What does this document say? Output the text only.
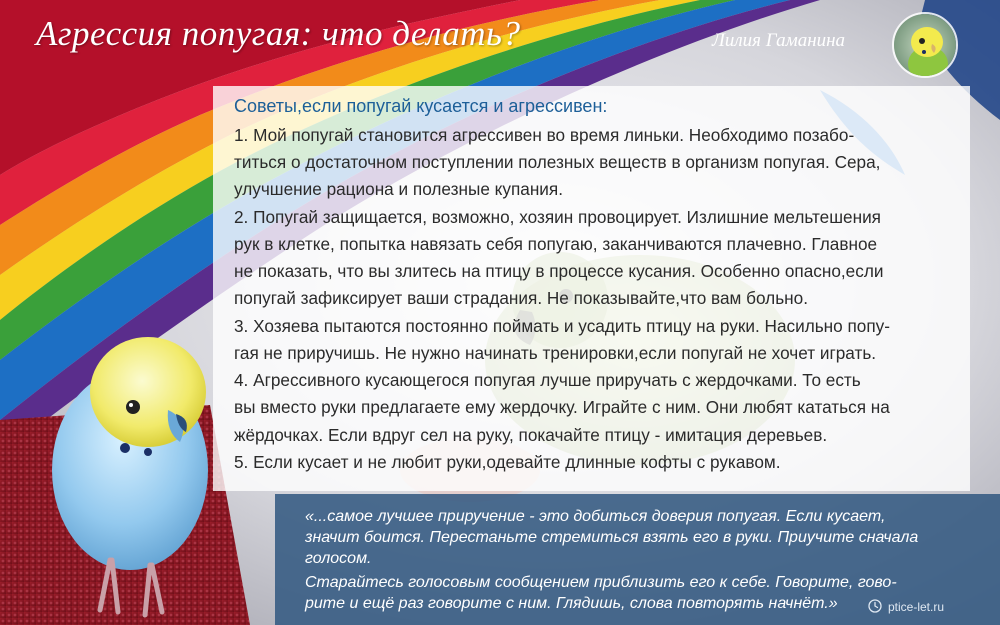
Агрессия попугая: что делать?	Лилия Гаманина
Советы,если попугай кусается и агрессивен:
1. Мой попугай становится агрессивен во время линьки. Необходимо позабо-
титься о достаточном поступлении полезных веществ в организм попугая. Сера,
улучшение рациона и полезные купания.
2. Попугай защищается, возможно, хозяин провоцирует. Излишние мельтешения
рук в клетке, попытка навязать себя попугаю, заканчиваются плачевно. Главное
не показать, что вы злитесь на птицу в процессе кусания. Особенно опасно,если
попугай зафиксирует ваши страдания. Не показывайте,что вам больно.
3. Хозяева пытаются постоянно поймать и усадить птицу на руки. Насильно попу-
гая не приручишь. Не нужно начинать тренировки,если попугай не хочет играть.
4. Агрессивного кусающегося попугая лучше приручать с жердочками. То есть
вы вместо руки предлагаете ему жердочку. Играйте с ним. Они любят кататься на
жёрдочках. Если вдруг сел на руку, покачайте птицу - имитация деревьев.
5. Если кусает и не любит руки,одевайте длинные кофты с рукавом.
«...самое лучшее приручение - это добиться доверия попугая. Если кусает,
значит боится. Перестаньте стремиться взять его в руки. Приучите сначала
голосом.
Старайтесь голосовым сообщением приблизить его к себе. Говорите, гово-
рите и ещё раз говорите с ним. Глядишь, слова повторять начнёт.»	ptice-let.ru
